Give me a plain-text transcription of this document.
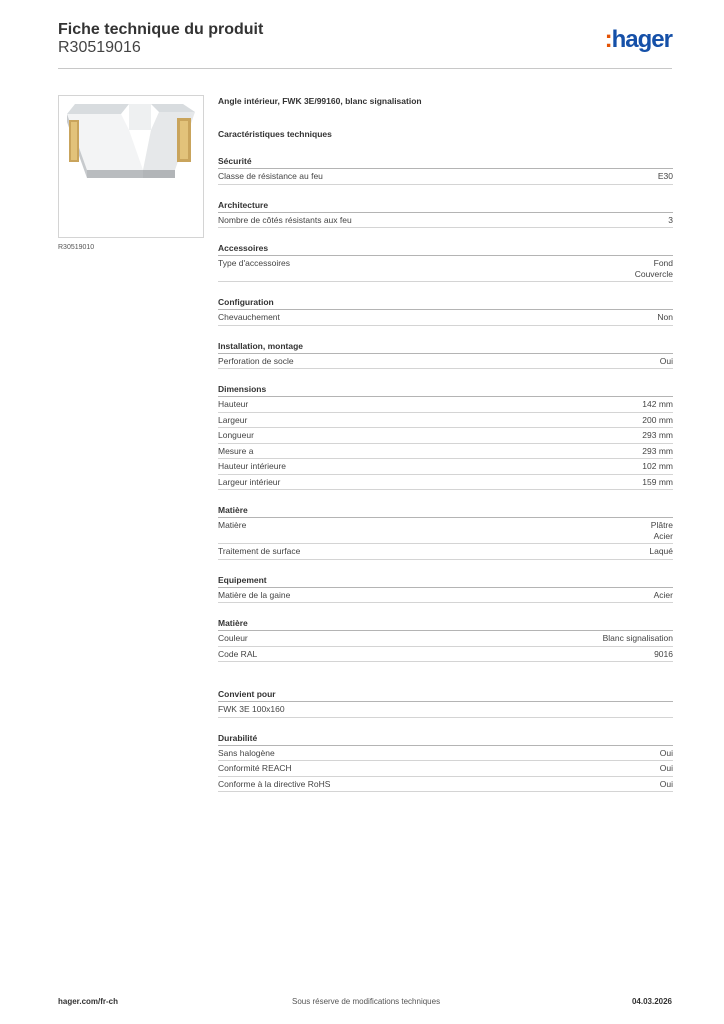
Fiche technique du produit
R30519016	:hager
R30519010
Angle intérieur, FWK 3E/99160, blanc signalisation
Caractéristiques techniques
Sécurité
Classe de résistance au feu	E30
Architecture
Nombre de côtés résistants aux feu	3
Accessoires
Type d'accessoires	Fond
Couvercle
Configuration
Chevauchement	Non
Installation, montage
Perforation de socle	Oui
Dimensions
Hauteur	142 mm
Largeur	200 mm
Longueur	293 mm
Mesure a	293 mm
Hauteur intérieure	102 mm
Largeur intérieur	159 mm
Matière
Matière	Plâtre
Acier
Traitement de surface	Laqué
Equipement
Matière de la gaine	Acier
Matière
Couleur	Blanc signalisation
Code RAL	9016
Convient pour
FWK 3E 100x160
Durabilité
Sans halogène	Oui
Conformité REACH	Oui
Conforme à la directive RoHS	Oui
hager.com/fr-ch	Sous réserve de modifications techniques	04.03.2026
